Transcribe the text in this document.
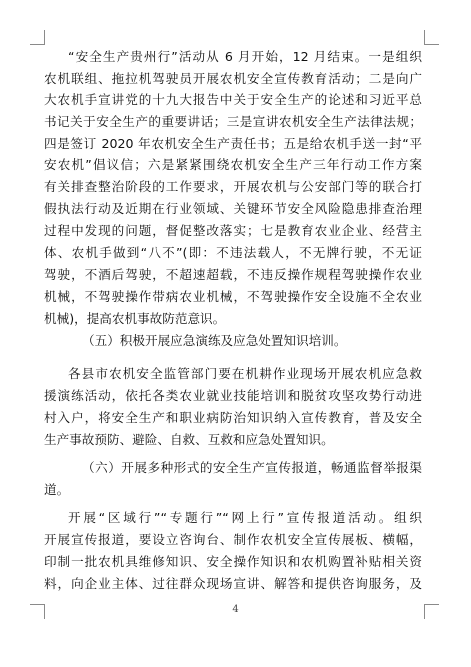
“安全生产贵州行”活动从 6 月开始，12 月结束。一是组织
农机联组、拖拉机驾驶员开展农机安全宣传教育活动；二是向广
大农机手宣讲党的十九大报告中关于安全生产的论述和习近平总
书记关于安全生产的重要讲话；三是宣讲农机安全生产法律法规；
四是签订 2020 年农机安全生产责任书；五是给农机手送一封“平
安农机”倡议信；六是紧紧围绕农机安全生产三年行动工作方案
有关排查整治阶段的工作要求，开展农机与公安部门等的联合打
假执法行动及近期在行业领域、关键环节安全风险隐患排查治理
过程中发现的问题，督促整改落实；七是教育农业企业、经营主
体、农机手做到“八不”(即：不违法载人，不无牌行驶，不无证
驾驶，不酒后驾驶，不超速超载，不违反操作规程驾驶操作农业
机械，不驾驶操作带病农业机械，不驾驶操作安全设施不全农业
机械)，提高农机事故防范意识。
（五）积极开展应急演练及应急处置知识培训。
各县市农机安全监管部门要在机耕作业现场开展农机应急救
援演练活动，依托各类农业就业技能培训和脱贫攻坚攻势行动进
村入户，将安全生产和职业病防治知识纳入宣传教育，普及安全
生产事故预防、避险、自救、互救和应急处置知识。
（六）开展多种形式的安全生产宣传报道，畅通监督举报渠
道。
开展“区域行”“专题行”“网上行”宣传报道活动。组织
开展宣传报道，要设立咨询台、制作农机安全宣传展板、横幅，
印制一批农机具维修知识、安全操作知识和农机购置补贴相关资
料，向企业主体、过往群众现场宣讲、解答和提供咨询服务，及
4
